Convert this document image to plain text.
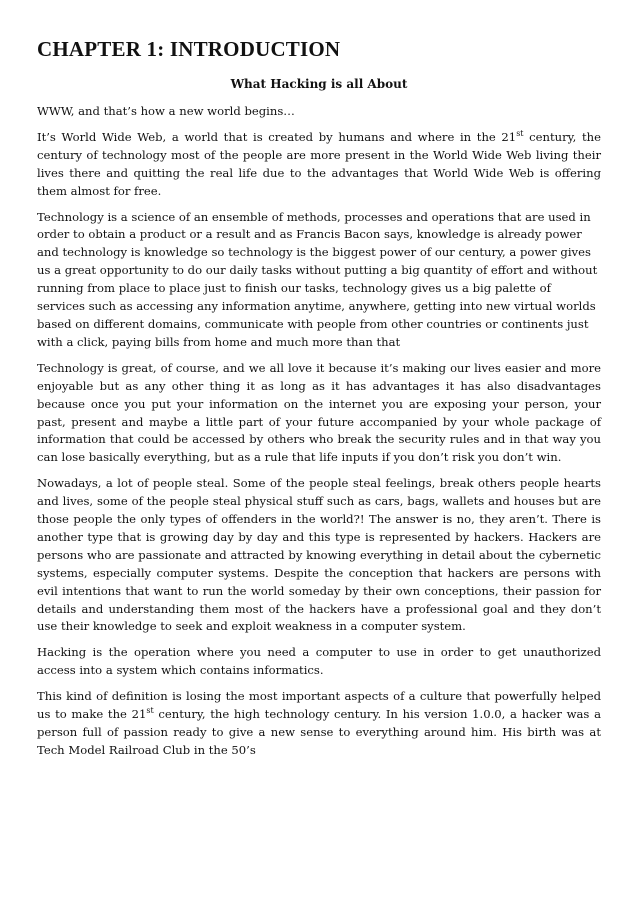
CHAPTER 1: INTRODUCTION
What Hacking is all About

WWW, and that’s how a new world begins…

It’s World Wide Web, a world that is created by humans and where in the 21st century, the century of technology most of the people are more present in the World Wide Web living their lives there and quitting the real life due to the advantages that World Wide Web is offering them almost for free.

Technology is a science of an ensemble of methods, processes and operations that are used in order to obtain a product or a result and as Francis Bacon says, knowledge is already power and technology is knowledge so technology is the biggest power of our century, a power gives us a great opportunity to do our daily tasks without putting a big quantity of effort and without running from place to place just to finish our tasks, technology gives us a big palette of services such as accessing any information anytime, anywhere, getting into new virtual worlds based on different domains, communicate with people from other countries or continents just with a click, paying bills from home and much more than that

Technology is great, of course, and we all love it because it’s making our lives easier and more enjoyable but as any other thing it as long as it has advantages it has also disadvantages because once you put your information on the internet you are exposing your person, your past, present and maybe a little part of your future accompanied by your whole package of information that could be accessed by others who break the security rules and in that way you can lose basically everything, but as a rule that life inputs if you don’t risk you don’t win.

Nowadays, a lot of people steal. Some of the people steal feelings, break others people hearts and lives, some of the people steal physical stuff such as cars, bags, wallets and houses but are those people the only types of offenders in the world?! The answer is no, they aren’t. There is another type that is growing day by day and this type is represented by hackers. Hackers are persons who are passionate and attracted by knowing everything in detail about the cybernetic systems, especially computer systems. Despite the conception that hackers are persons with evil intentions that want to run the world someday by their own conceptions, their passion for details and understanding them most of the hackers have a professional goal and they don’t use their knowledge to seek and exploit weakness in a computer system.

Hacking is the operation where you need a computer to use in order to get unauthorized access into a system which contains informatics.

This kind of definition is losing the most important aspects of a culture that powerfully helped us to make the 21st century, the high technology century. In his version 1.0.0, a hacker was a person full of passion ready to give a new sense to everything around him. His birth was at Tech Model Railroad Club in the 50’s
